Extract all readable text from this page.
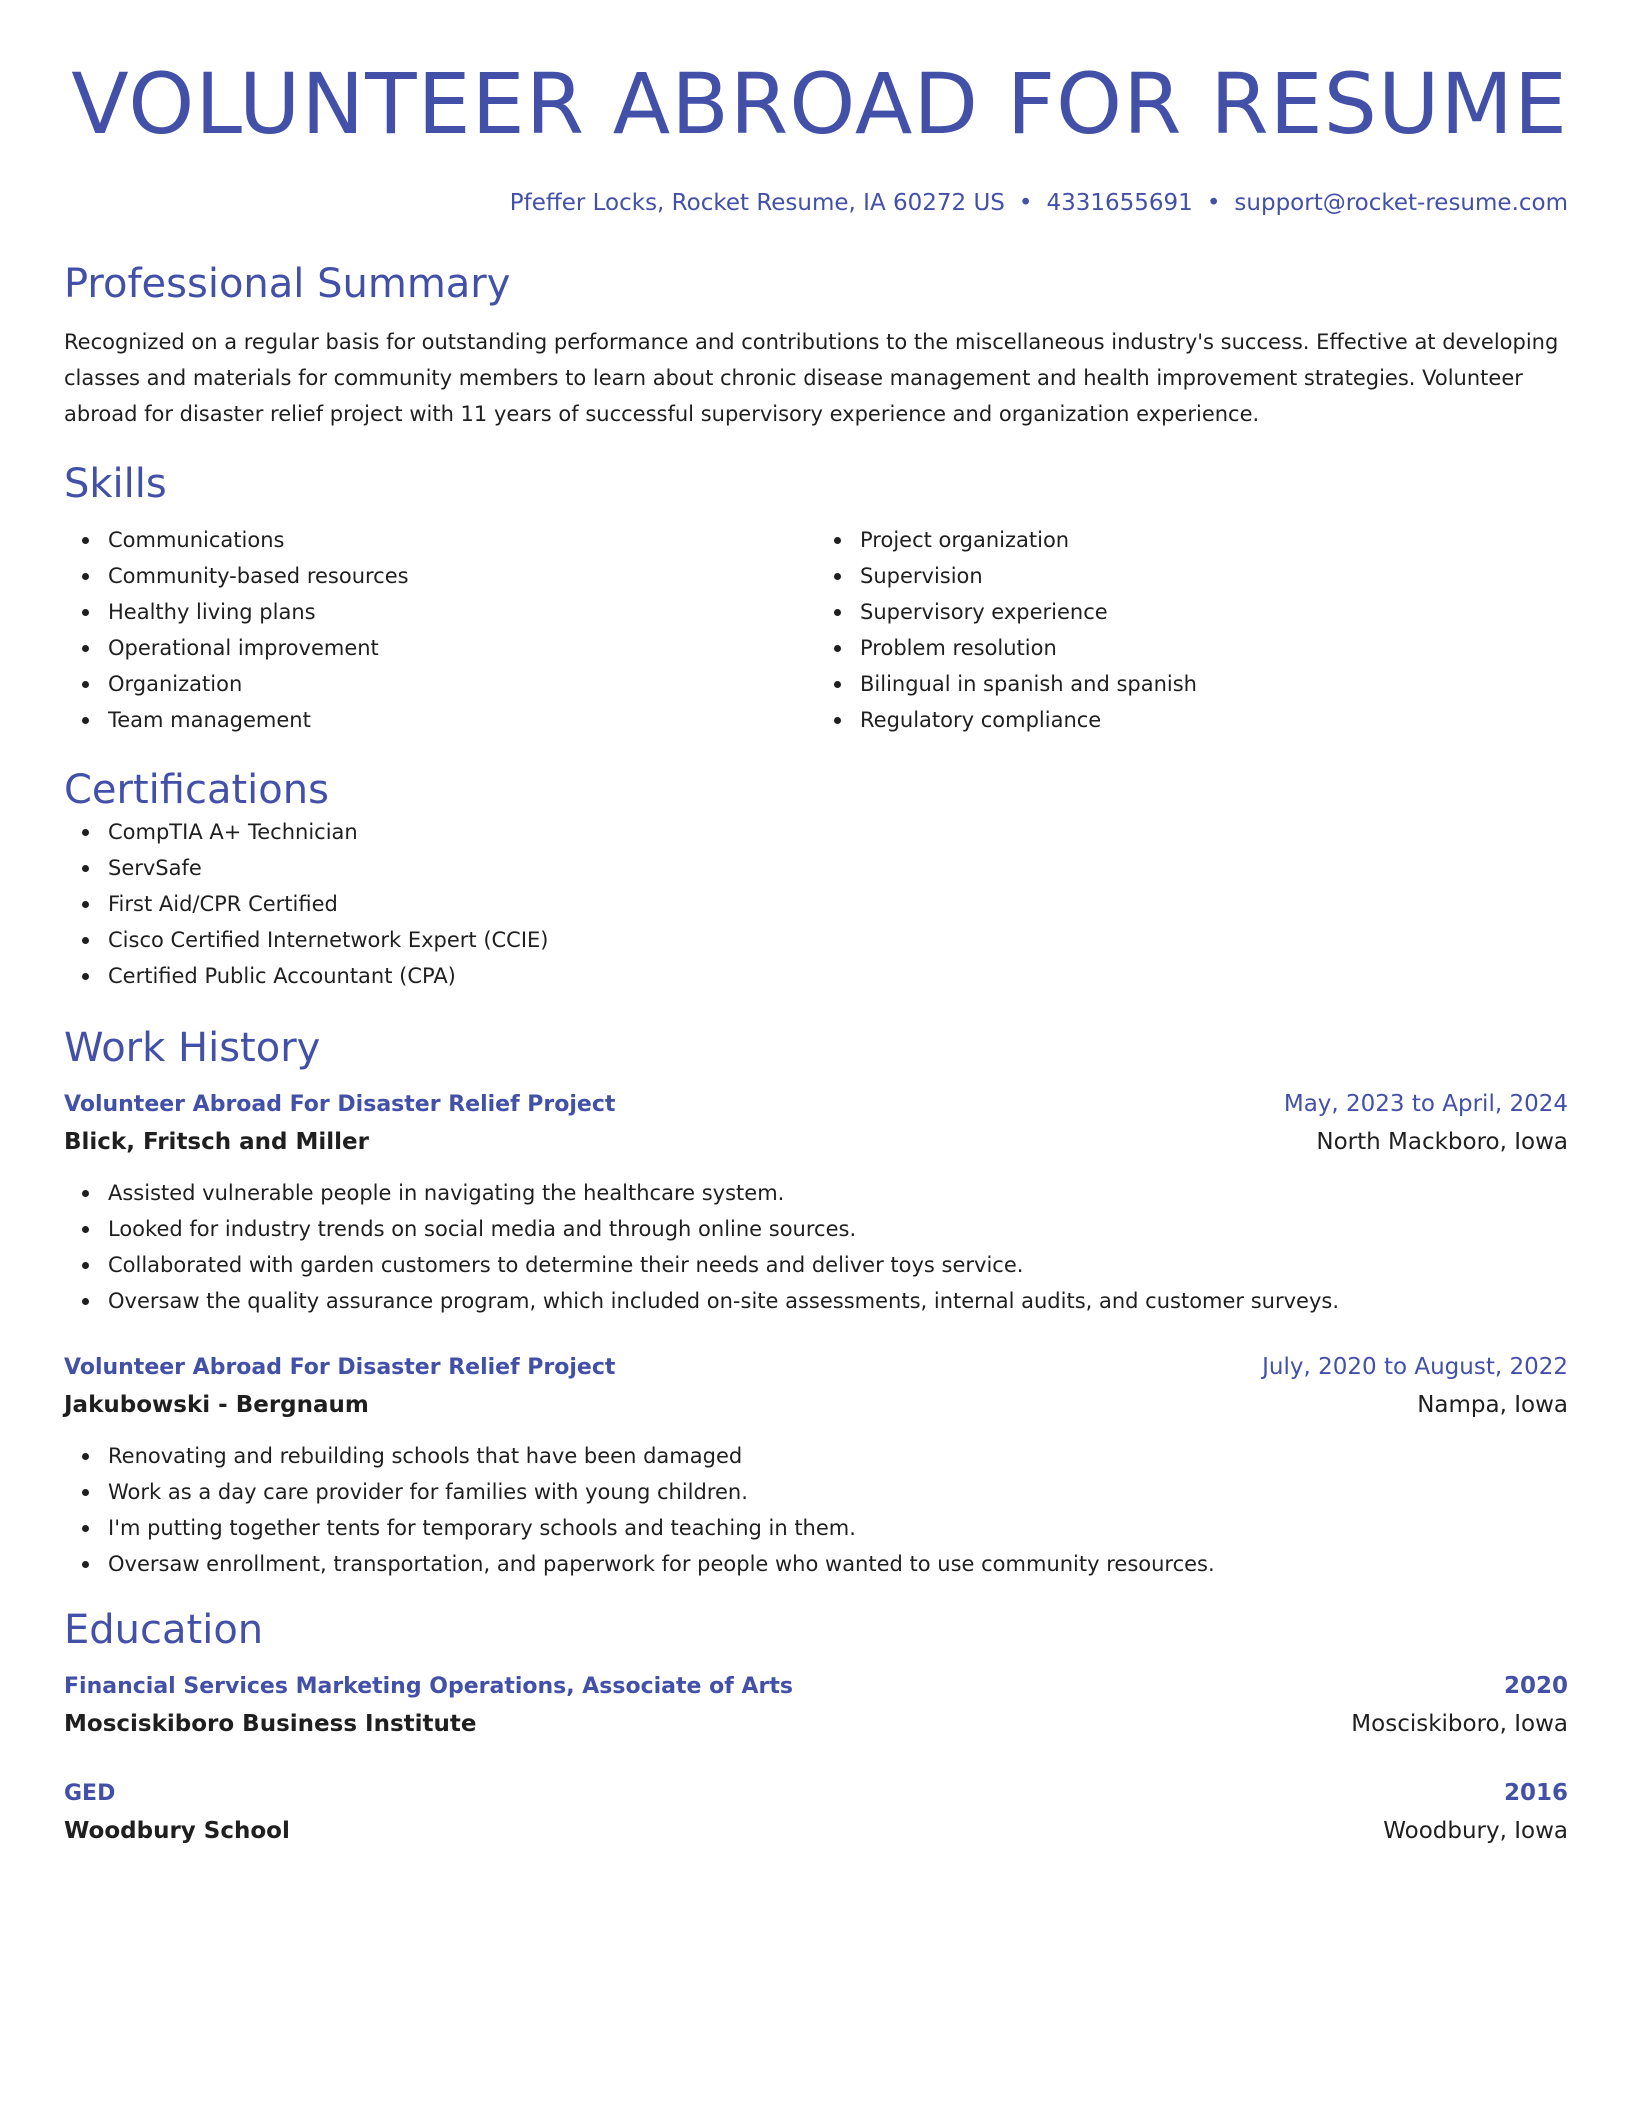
VOLUNTEER ABROAD FOR RESUME
Pfeffer Locks, Rocket Resume, IA 60272 US • 4331655691 • support@rocket-resume.com
Professional Summary
Recognized on a regular basis for outstanding performance and contributions to the miscellaneous industry's success. Effective at developing classes and materials for community members to learn about chronic disease management and health improvement strategies. Volunteer abroad for disaster relief project with 11 years of successful supervisory experience and organization experience.
Skills
Communications
Community-based resources
Healthy living plans
Operational improvement
Organization
Team management
Project organization
Supervision
Supervisory experience
Problem resolution
Bilingual in spanish and spanish
Regulatory compliance
Certifications
CompTIA A+ Technician
ServSafe
First Aid/CPR Certified
Cisco Certified Internetwork Expert (CCIE)
Certified Public Accountant (CPA)
Work History
Volunteer Abroad For Disaster Relief Project	May, 2023 to April, 2024
Blick, Fritsch and Miller	North Mackboro, Iowa
Assisted vulnerable people in navigating the healthcare system.
Looked for industry trends on social media and through online sources.
Collaborated with garden customers to determine their needs and deliver toys service.
Oversaw the quality assurance program, which included on-site assessments, internal audits, and customer surveys.
Volunteer Abroad For Disaster Relief Project	July, 2020 to August, 2022
Jakubowski - Bergnaum	Nampa, Iowa
Renovating and rebuilding schools that have been damaged
Work as a day care provider for families with young children.
I'm putting together tents for temporary schools and teaching in them.
Oversaw enrollment, transportation, and paperwork for people who wanted to use community resources.
Education
Financial Services Marketing Operations, Associate of Arts	2020
Mosciskiboro Business Institute	Mosciskiboro, Iowa
GED	2016
Woodbury School	Woodbury, Iowa
